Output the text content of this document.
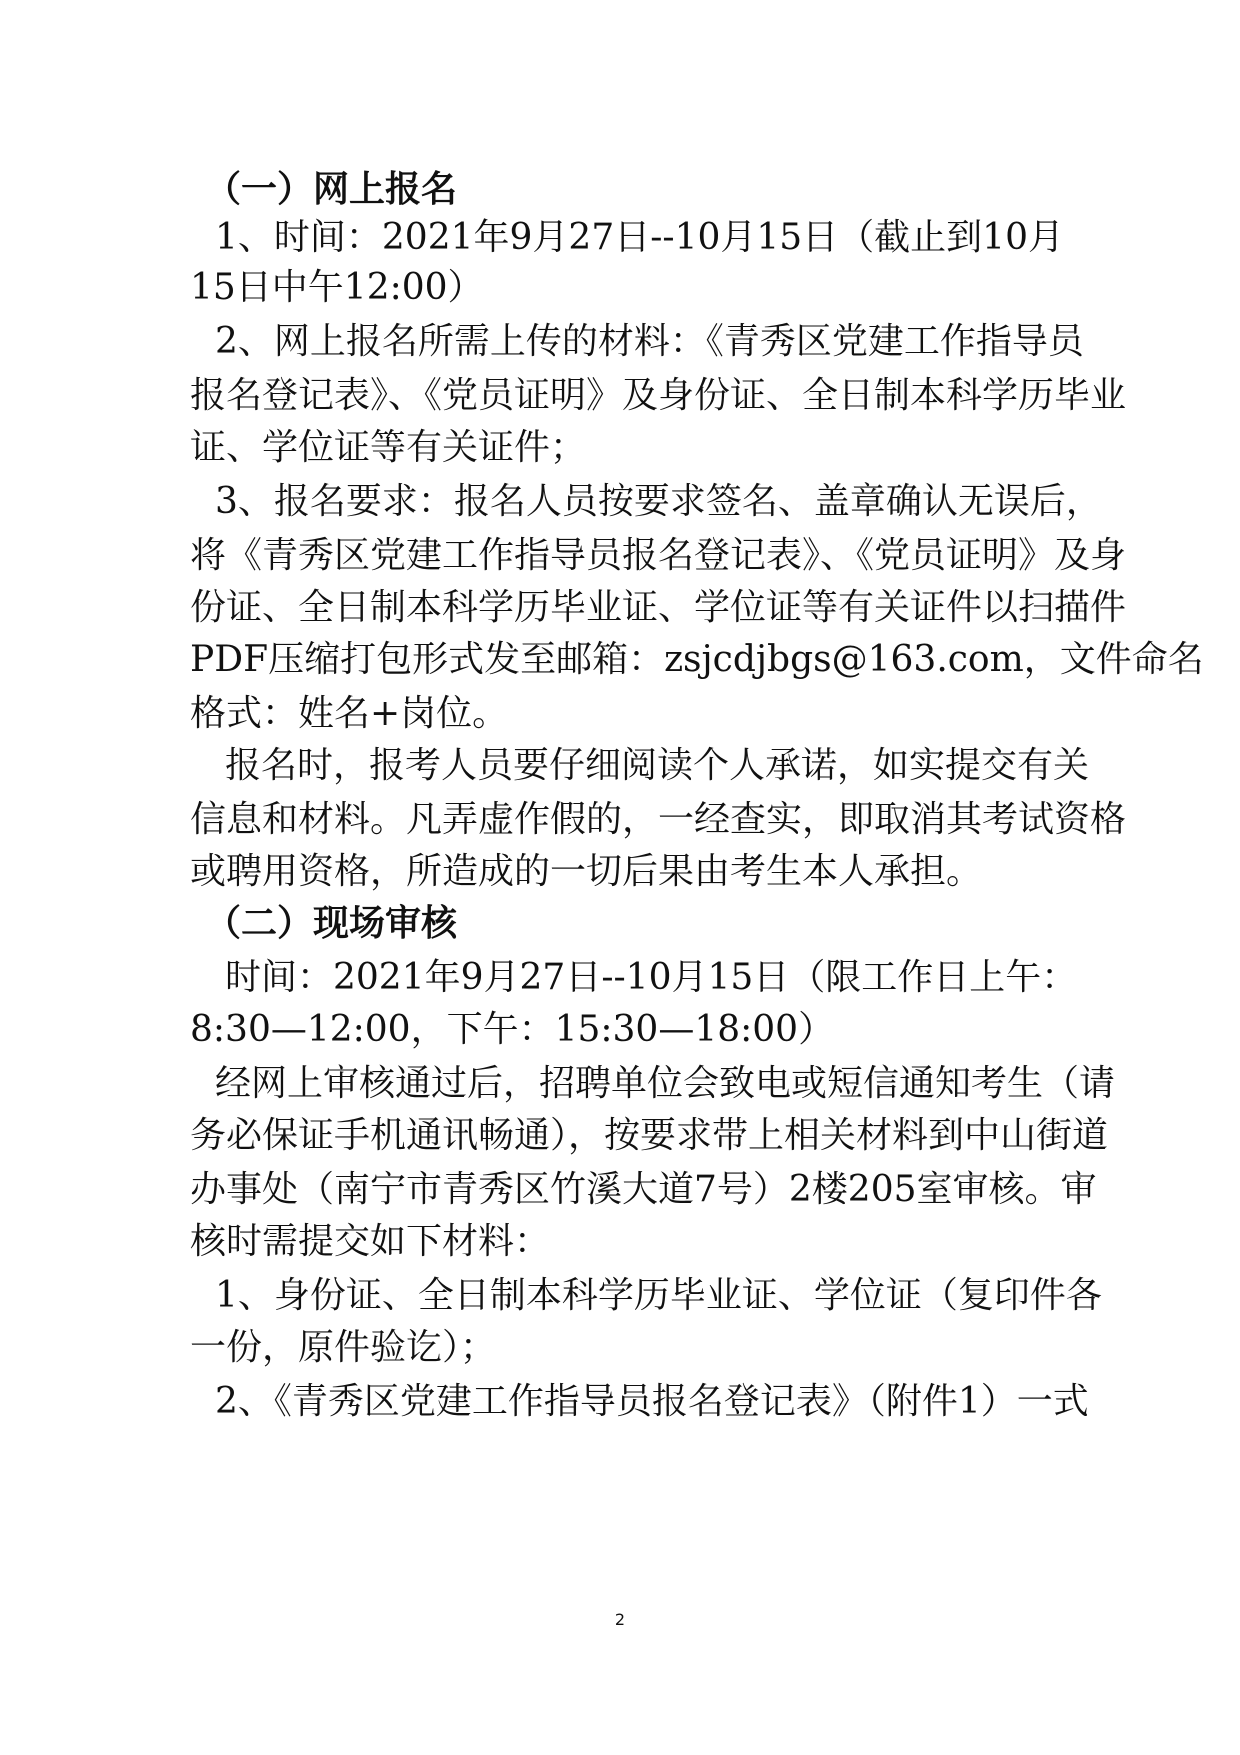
（一）网上报名
1、时间：2021年9月27日--10月15日（截止到10月
15日中午12:00）
2、网上报名所需上传的材料：《青秀区党建工作指导员
报名登记表》、《党员证明》及身份证、全日制本科学历毕业
证、学位证等有关证件；
3、报名要求：报名人员按要求签名、盖章确认无误后，
将《青秀区党建工作指导员报名登记表》、《党员证明》及身
份证、全日制本科学历毕业证、学位证等有关证件以扫描件
PDF压缩打包形式发至邮箱：zsjcdjbgs@163.com，文件命名
格式：姓名+岗位。
报名时，报考人员要仔细阅读个人承诺，如实提交有关
信息和材料。凡弄虚作假的，一经查实，即取消其考试资格
或聘用资格，所造成的一切后果由考生本人承担。
（二）现场审核
时间：2021年9月27日--10月15日（限工作日上午：
8:30—12:00，下午：15:30—18:00）
经网上审核通过后，招聘单位会致电或短信通知考生（请
务必保证手机通讯畅通），按要求带上相关材料到中山街道
办事处（南宁市青秀区竹溪大道7号）2楼205室审核。审
核时需提交如下材料：
1、身份证、全日制本科学历毕业证、学位证（复印件各
一份，原件验讫）；
2、《青秀区党建工作指导员报名登记表》（附件1）一式
2
